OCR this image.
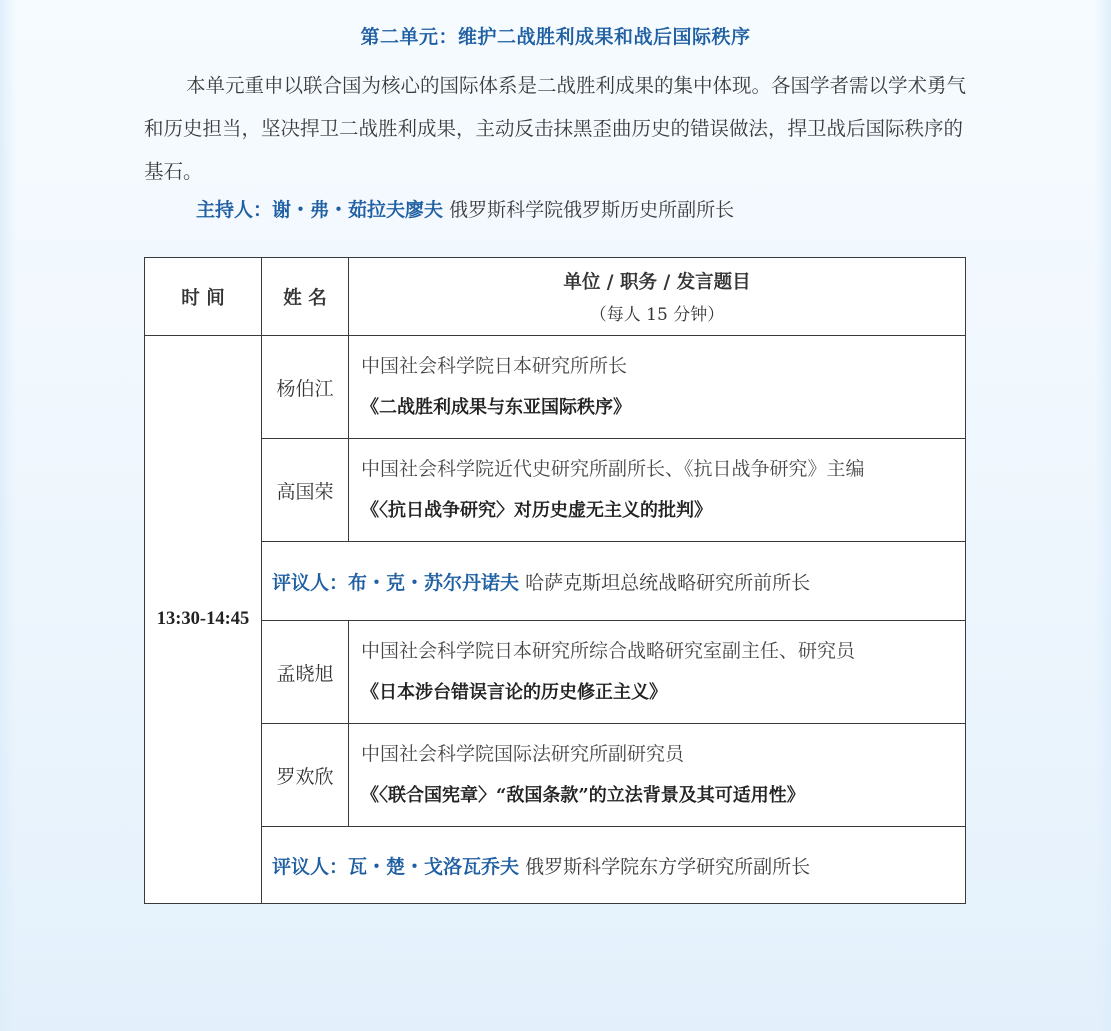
第二单元：维护二战胜利成果和战后国际秩序

本单元重申以联合国为核心的国际体系是二战胜利成果的集中体现。各国学者需以学术勇气和历史担当，坚决捍卫二战胜利成果，主动反击抹黑歪曲历史的错误做法，捍卫战后国际秩序的基石。

主持人：谢・弗・茹拉夫廖夫 俄罗斯科学院俄罗斯历史所副所长
时 间	姓 名	单位 / 职务 / 发言题目
（每人 15 分钟）

13:30-14:45	杨伯江	中国社会科学院日本研究所所长
《二战胜利成果与东亚国际秩序》

	高国荣	中国社会科学院近代史研究所副所长、《抗日战争研究》主编
《〈抗日战争研究〉对历史虚无主义的批判》

	评议人：布・克・苏尔丹诺夫 哈萨克斯坦总统战略研究所前所长	
	孟晓旭	中国社会科学院日本研究所综合战略研究室副主任、研究员
《日本涉台错误言论的历史修正主义》

	罗欢欣	中国社会科学院国际法研究所副研究员
《〈联合国宪章〉“敌国条款”的立法背景及其可适用性》

	评议人：瓦・楚・戈洛瓦乔夫 俄罗斯科学院东方学研究所副所长	
